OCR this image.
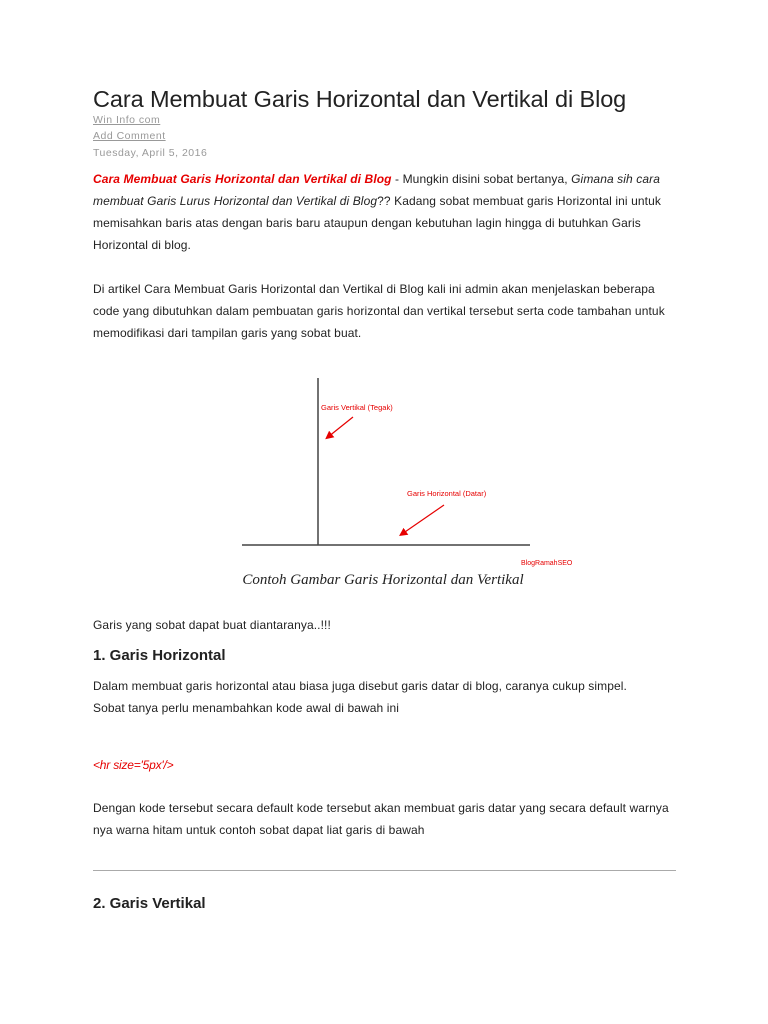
Cara Membuat Garis Horizontal dan Vertikal di Blog
Win Info com
Add Comment
Tuesday, April 5, 2016

Cara Membuat Garis Horizontal dan Vertikal di Blog - Mungkin disini sobat bertanya, Gimana sih cara membuat Garis Lurus Horizontal dan Vertikal di Blog?? Kadang sobat membuat garis Horizontal ini untuk memisahkan baris atas dengan baris baru ataupun dengan kebutuhan lagin hingga di butuhkan Garis Horizontal di blog.

Di artikel Cara Membuat Garis Horizontal dan Vertikal di Blog kali ini admin akan menjelaskan beberapa code yang dibutuhkan dalam pembuatan garis horizontal dan vertikal tersebut serta code tambahan untuk memodifikasi dari tampilan garis yang sobat buat.

Garis Vertikal (Tegak)
Garis Horizontal (Datar)
BlogRamahSEO
Contoh Gambar Garis Horizontal dan Vertikal

Garis yang sobat dapat buat diantaranya..!!!

1. Garis Horizontal

Dalam membuat garis horizontal atau biasa juga disebut garis datar di blog, caranya cukup simpel. Sobat tanya perlu menambahkan kode awal di bawah ini

<hr size='5px'/>

Dengan kode tersebut secara default kode tersebut akan membuat garis datar yang secara default warnya nya warna hitam untuk contoh sobat dapat liat garis di bawah

2. Garis Vertikal
